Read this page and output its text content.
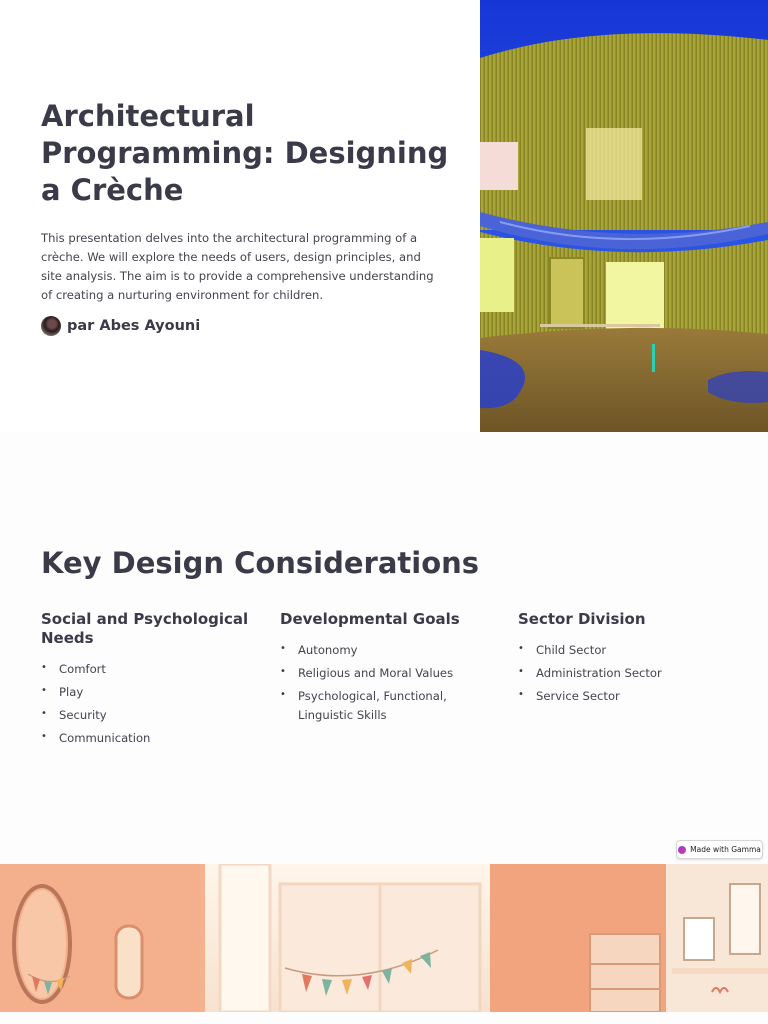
Architectural Programming: Designing a Crèche

This presentation delves into the architectural programming of a crèche. We will explore the needs of users, design principles, and site analysis. The aim is to provide a comprehensive understanding of creating a nurturing environment for children.

par Abes Ayouni
Key Design Considerations
Social and Psychological Needs
• Comfort
• Play
• Security
• Communication
Developmental Goals
• Autonomy
• Religious and Moral Values
• Psychological, Functional, Linguistic Skills
Sector Division
• Child Sector
• Administration Sector
• Service Sector
Made with Gamma
